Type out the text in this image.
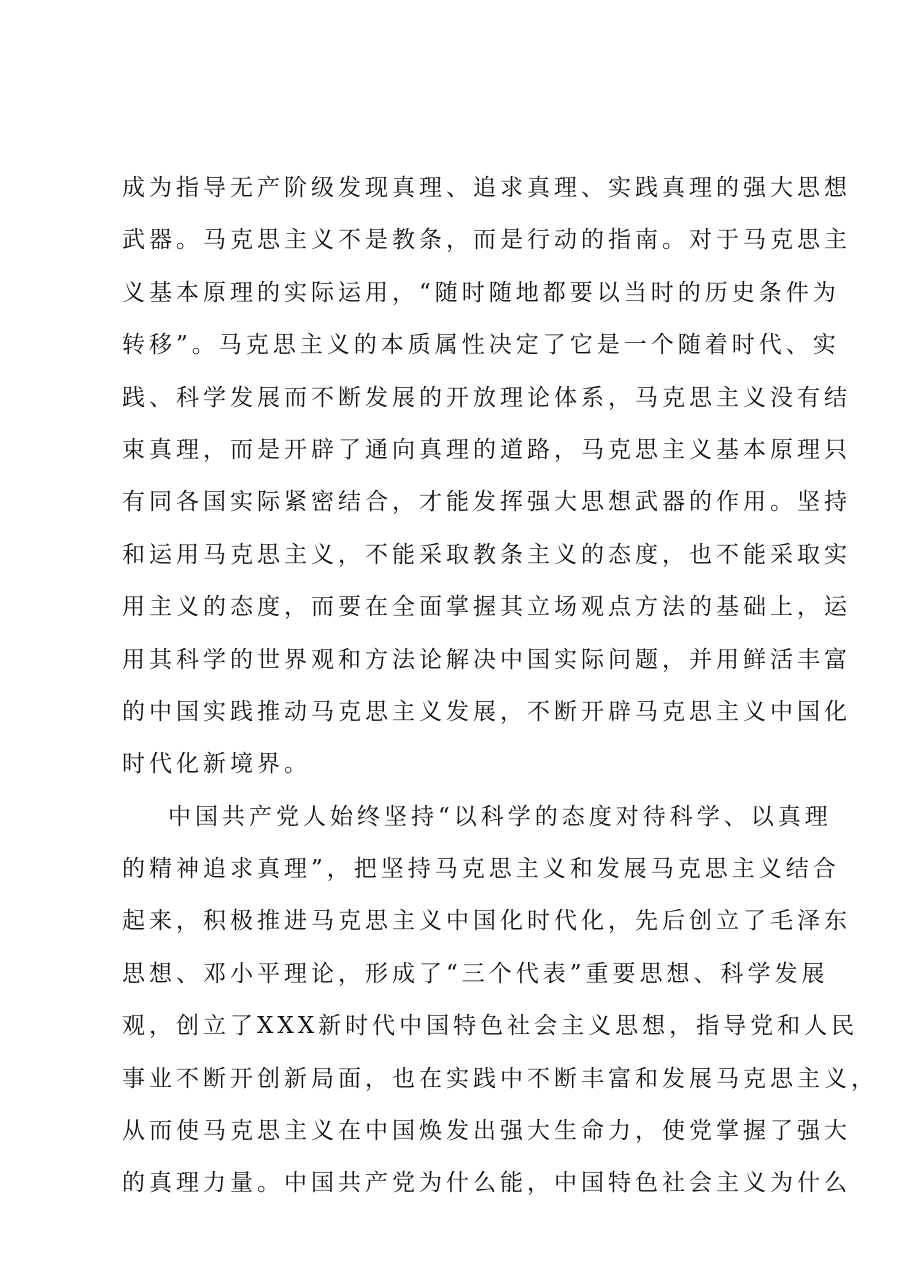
成为指导无产阶级发现真理、追求真理、实践真理的强大思想
武器。马克思主义不是教条，而是行动的指南。对于马克思主
义基本原理的实际运用，“随时随地都要以当时的历史条件为
转移”。马克思主义的本质属性决定了它是一个随着时代、实
践、科学发展而不断发展的开放理论体系，马克思主义没有结
束真理，而是开辟了通向真理的道路，马克思主义基本原理只
有同各国实际紧密结合，才能发挥强大思想武器的作用。坚持
和运用马克思主义，不能采取教条主义的态度，也不能采取实
用主义的态度，而要在全面掌握其立场观点方法的基础上，运
用其科学的世界观和方法论解决中国实际问题，并用鲜活丰富
的中国实践推动马克思主义发展，不断开辟马克思主义中国化
时代化新境界。
中国共产党人始终坚持“以科学的态度对待科学、以真理
的精神追求真理”，把坚持马克思主义和发展马克思主义结合
起来，积极推进马克思主义中国化时代化，先后创立了毛泽东
思想、邓小平理论，形成了“三个代表”重要思想、科学发展
观，创立了XXX新时代中国特色社会主义思想，指导党和人民
事业不断开创新局面，也在实践中不断丰富和发展马克思主义，
从而使马克思主义在中国焕发出强大生命力，使党掌握了强大
的真理力量。中国共产党为什么能，中国特色社会主义为什么
